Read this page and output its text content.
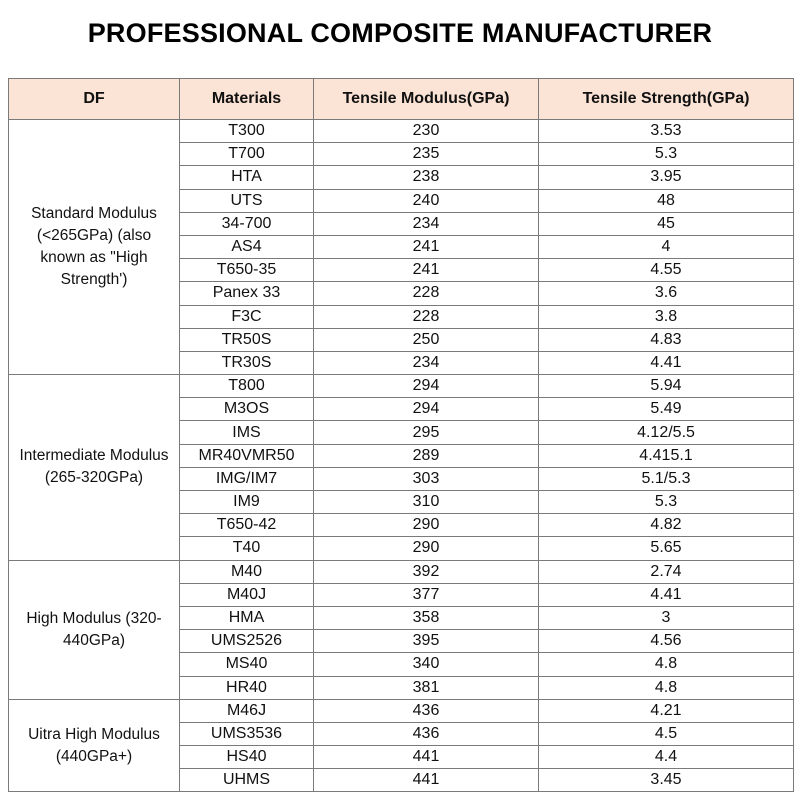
PROFESSIONAL COMPOSITE MANUFACTURER
DF	Materials	Tensile Modulus(GPa)	Tensile Strength(GPa)
Standard Modulus (<265GPa) (also known as "High Strength')	T300	230	3.53
	T700	235	5.3
	HTA	238	3.95
	UTS	240	48
	34-700	234	45
	AS4	241	4
	T650-35	241	4.55
	Panex 33	228	3.6
	F3C	228	3.8
	TR50S	250	4.83
	TR30S	234	4.41
Intermediate Modulus (265-320GPa)	T800	294	5.94
	M3OS	294	5.49
	IMS	295	4.12/5.5
	MR40VMR50	289	4.415.1
	IMG/IM7	303	5.1/5.3
	IM9	310	5.3
	T650-42	290	4.82
	T40	290	5.65
High Modulus (320-440GPa)	M40	392	2.74
	M40J	377	4.41
	HMA	358	3
	UMS2526	395	4.56
	MS40	340	4.8
	HR40	381	4.8
Uitra High Modulus (440GPa+)	M46J	436	4.21
	UMS3536	436	4.5
	HS40	441	4.4
	UHMS	441	3.45
